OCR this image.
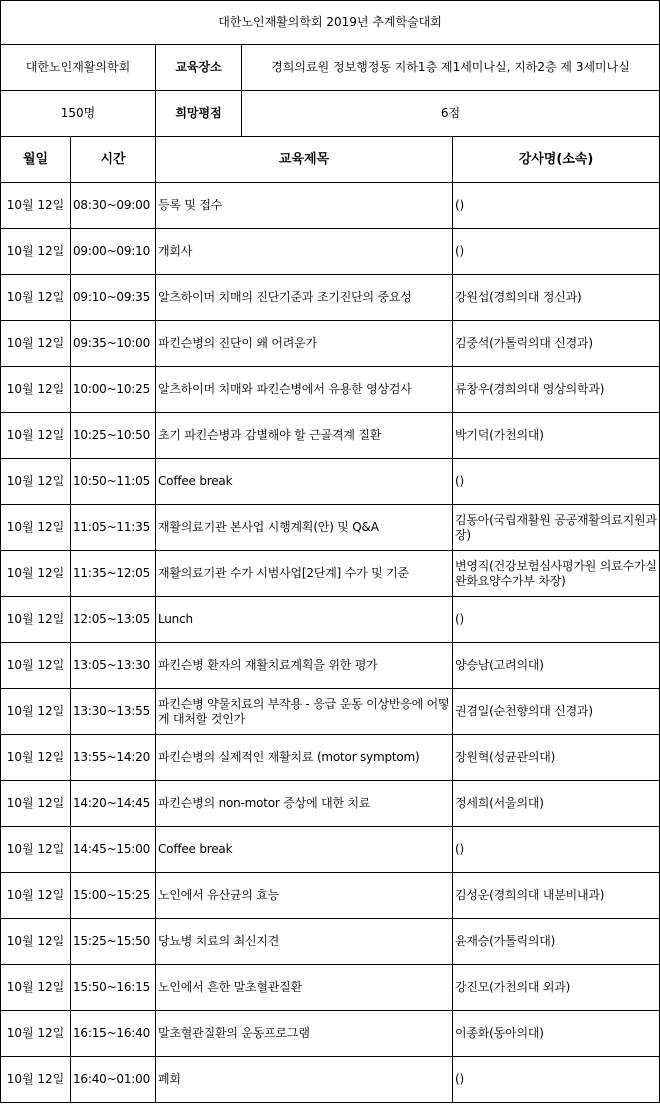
대한노인재활의학회 2019년 추계학술대회				
대한노인재활의학회		교육장소	경희의료원 정보행정동 지하1층 제1세미나실, 지하2층 제 3세미나실	
150명		희망평점	6점	
월일	시간	교육제목		강사명(소속)
10월 12일	08:30~09:00	등록 및 접수		()
10월 12일	09:00~09:10	개회사		()
10월 12일	09:10~09:35	알츠하이머 치매의 진단기준과 조기진단의 중요성		강원섭(경희의대 정신과)
10월 12일	09:35~10:00	파킨슨병의 진단이 왜 어려운가		김중석(가톨릭의대 신경과)
10월 12일	10:00~10:25	알츠하이머 치매와 파킨슨병에서 유용한 영상검사		류창우(경희의대 영상의학과)
10월 12일	10:25~10:50	초기 파킨슨병과 감별해야 할 근골격계 질환		박기덕(가천의대)
10월 12일	10:50~11:05	Coffee break		()
10월 12일	11:05~11:35	재활의료기관 본사업 시행계획(안) 및 Q&A		김동아(국립재활원 공공재활의료지원과장)
10월 12일	11:35~12:05	재활의료기관 수가 시범사업[2단계] 수가 및 기준		변영직(건강보험심사평가원 의료수가실 완화요양수가부 차장)
10월 12일	12:05~13:05	Lunch		()
10월 12일	13:05~13:30	파킨슨병 환자의 재활치료계획을 위한 평가		양승남(고려의대)
10월 12일	13:30~13:55	파킨슨병 약물치료의 부작용 - 응급 운동 이상반응에 어떻게 대처할 것인가		권겸일(순천향의대 신경과)
10월 12일	13:55~14:20	파킨슨병의 실제적인 재활치료 (motor symptom)		장원혁(성균관의대)
10월 12일	14:20~14:45	파킨슨병의 non-motor 증상에 대한 치료		정세희(서울의대)
10월 12일	14:45~15:00	Coffee break		()
10월 12일	15:00~15:25	노인에서 유산균의 효능		김성운(경희의대 내분비내과)
10월 12일	15:25~15:50	당뇨병 치료의 최신지견		윤재승(가톨릭의대)
10월 12일	15:50~16:15	노인에서 흔한 말초혈관질환		강진모(가천의대 외과)
10월 12일	16:15~16:40	말초혈관질환의 운동프로그램		이종화(동아의대)
10월 12일	16:40~01:00	폐회		()
